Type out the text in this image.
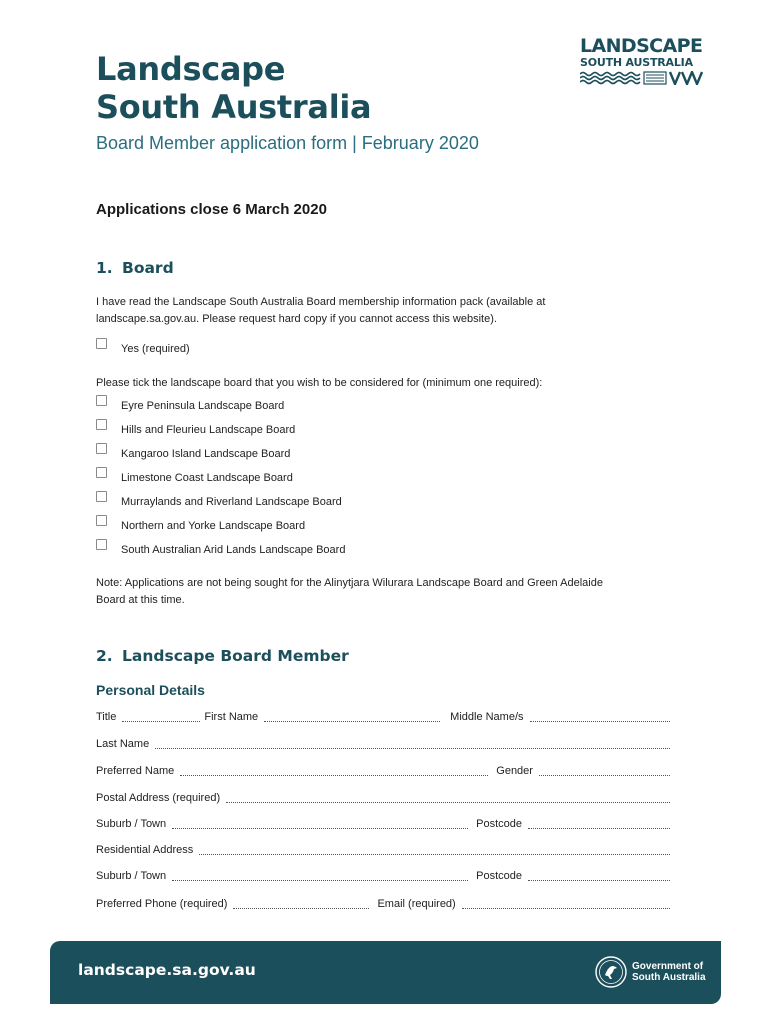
Landscape
South Australia
Board Member application form | February 2020
LANDSCAPE
SOUTH AUSTRALIA
Applications close 6 March 2020
1. Board
I have read the Landscape South Australia Board membership information pack (available at
landscape.sa.gov.au. Please request hard copy if you cannot access this website).
Yes (required)
Please tick the landscape board that you wish to be considered for (minimum one required):
Eyre Peninsula Landscape Board
Hills and Fleurieu Landscape Board
Kangaroo Island Landscape Board
Limestone Coast Landscape Board
Murraylands and Riverland Landscape Board
Northern and Yorke Landscape Board
South Australian Arid Lands Landscape Board
Note: Applications are not being sought for the Alinytjara Wilurara Landscape Board and Green Adelaide
Board at this time.
2. Landscape Board Member
Personal Details
Title	First Name	Middle Name/s
Last Name
Preferred Name	Gender
Postal Address (required)
Suburb / Town	Postcode
Residential Address
Suburb / Town	Postcode
Preferred Phone (required)	Email (required)
landscape.sa.gov.au	Government of
South Australia
